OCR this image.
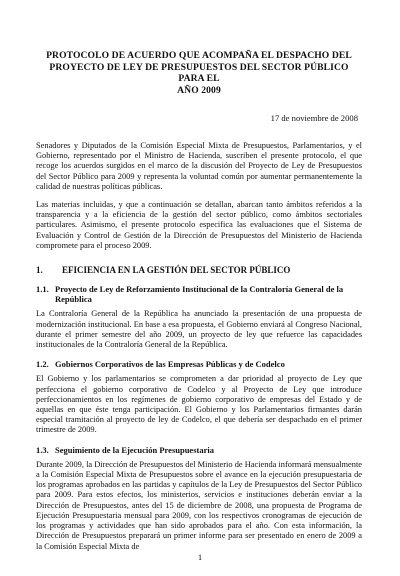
PROTOCOLO DE ACUERDO QUE ACOMPAÑA EL DESPACHO DEL
PROYECTO DE LEY DE PRESUPUESTOS DEL SECTOR PÚBLICO PARA EL
AÑO 2009
17 de noviembre de 2008

Senadores y Diputados de la Comisión Especial Mixta de Presupuestos, Parlamentarios, y el Gobierno, representado por el Ministro de Hacienda, suscriben el presente protocolo, el que recoge los acuerdos surgidos en el marco de la discusión del Proyecto de Ley de Presupuestos del Sector Público para 2009 y representa la voluntad común por aumentar permanentemente la calidad de nuestras políticas públicas.

Las materias incluidas, y que a continuación se detallan, abarcan tanto ámbitos referidos a la transparencia y a la eficiencia de la gestión del sector público, como ámbitos sectoriales particulares. Asimismo, el presente protocolo especifica las evaluaciones que el Sistema de Evaluación y Control de Gestión de la Dirección de Presupuestos del Ministerio de Hacienda compromete para el proceso 2009.

1.	EFICIENCIA EN LA GESTIÓN DEL SECTOR PÚBLICO
1.1. Proyecto de Ley de Reforzamiento Institucional de la Contraloría General de la República

La Contraloría General de la República ha anunciado la presentación de una propuesta de modernización institucional. En base a esa propuesta, el Gobierno enviará al Congreso Nacional, durante el primer semestre del año 2009, un proyecto de ley que refuerce las capacidades institucionales de la Contraloría General de la República.

1.2. Gobiernos Corporativos de las Empresas Públicas y de Codelco

El Gobierno y los parlamentarios se comprometen a dar prioridad al proyecto de Ley que perfecciona el gobierno corporativo de Codelco y al Proyecto de Ley que introduce perfeccionamientos en los regímenes de gobierno corporativo de empresas del Estado y de aquellas en que éste tenga participación. El Gobierno y los Parlamentarios firmantes darán especial tramitación al proyecto de ley de Codelco, el que debería ser despachado en el primer trimestre de 2009.

1.3. Seguimiento de la Ejecución Presupuestaria

Durante 2009, la Dirección de Presupuestos del Ministerio de Hacienda informará mensualmente a la Comisión Especial Mixta de Presupuestos sobre el avance en la ejecución presupuestaria de los programas aprobados en las partidas y capítulos de la Ley de Presupuestos del Sector Público para 2009. Para estos efectos, los ministerios, servicios e instituciones deberán enviar a la Dirección de Presupuestos, antes del 15 de diciembre de 2008, una propuesta de Programa de Ejecución Presupuestaria mensual para 2009, con los respectivos cronogramas de ejecución de los programas y actividades que han sido aprobados para el año. Con esta información, la Dirección de Presupuestos preparará un primer informe para ser presentado en enero de 2009 a la Comisión Especial Mixta de

1
